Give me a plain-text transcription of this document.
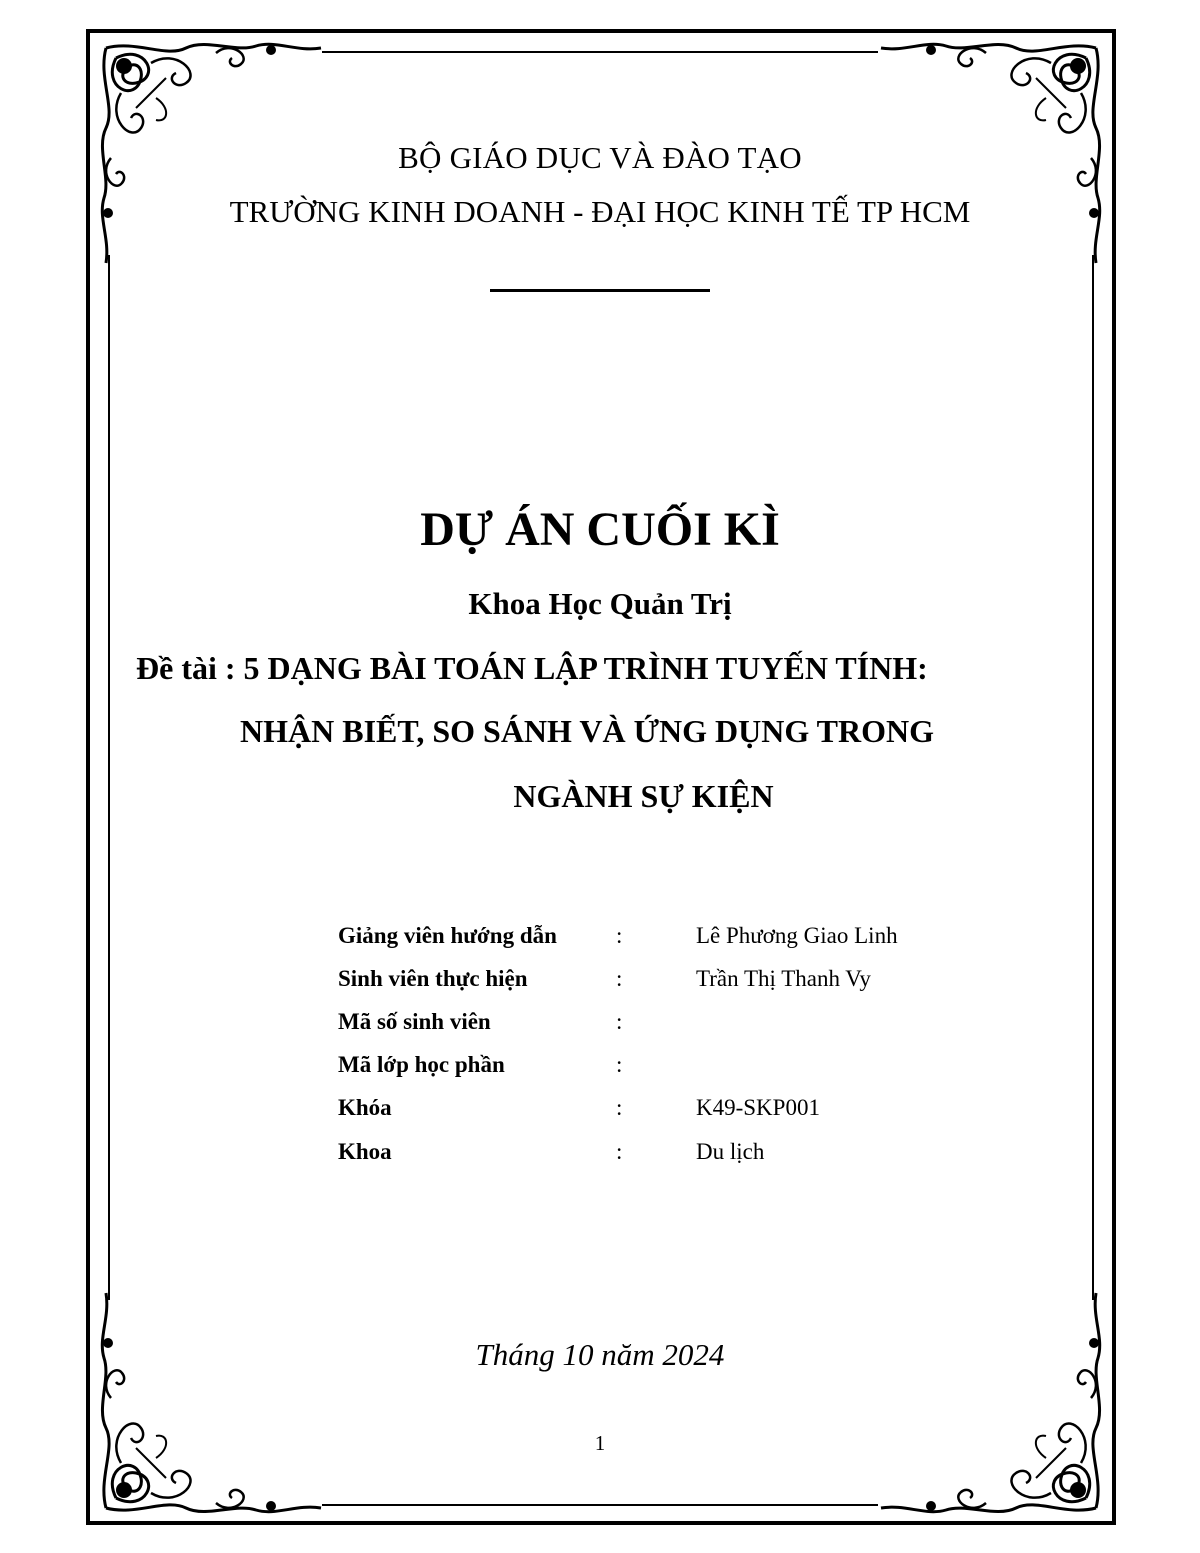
BỘ GIÁO DỤC VÀ ĐÀO TẠO
TRƯỜNG KINH DOANH - ĐẠI HỌC KINH TẾ TP HCM
DỰ ÁN CUỐI KÌ
Khoa Học Quản Trị
Đề tài : 5 DẠNG BÀI TOÁN LẬP TRÌNH TUYẾN TÍNH:
NHẬN BIẾT, SO SÁNH VÀ ỨNG DỤNG TRONG
NGÀNH SỰ KIỆN
Giảng viên hướng dẫn	:	Lê Phương Giao Linh
Sinh viên thực hiện	:	Trần Thị Thanh Vy
Mã số sinh viên	:	
Mã lớp học phần	:	
Khóa	:	K49-SKP001
Khoa	:	Du lịch
Tháng 10 năm 2024
1
